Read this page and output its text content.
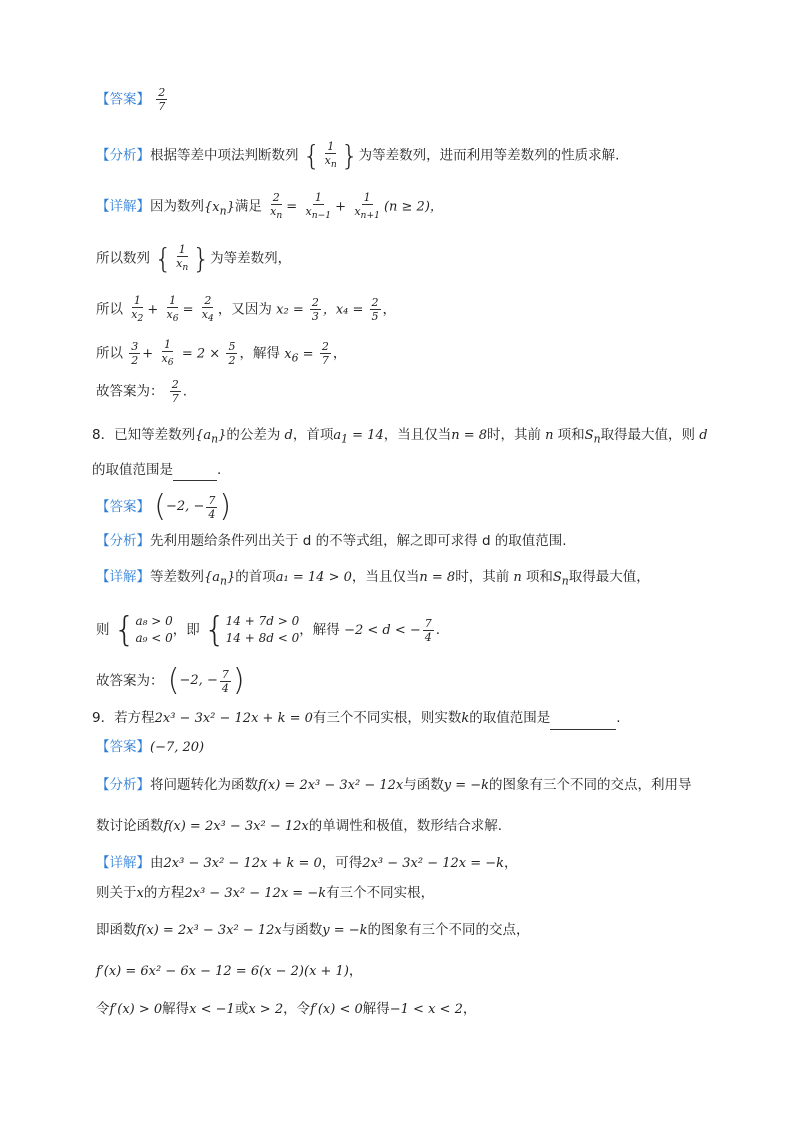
【答案】 $\frac{2}{7}$
【分析】根据等差中项法判断数列 { $\frac{1}{x_n}$ } 为等差数列，进而利用等差数列的性质求解.
【详解】因为数列$\{x_n\}$满足 $\frac{2}{x_n} = \frac{1}{x_{n-1}} + \frac{1}{x_{n+1}} (n \ge 2)$，
所以数列 { $\frac{1}{x_n}$ } 为等差数列，
所以 $\frac{1}{x_2} + \frac{1}{x_6} = \frac{2}{x_4}$ ，又因为 $x_2 = \frac{2}{3}$ ，$x_4 = \frac{2}{5}$ ，
所以 $\frac{3}{2} + \frac{1}{x_6} = 2 \times \frac{5}{2}$ ，解得 $x_6 = \frac{2}{7}$ ，
故答案为： $\frac{2}{7}$ .
8．已知等差数列$\{a_n\}$的公差为 d，首项$a_1 = 14$，当且仅当n = 8时，其前 n 项和$S_n$取得最大值，则 d
的取值范围是	.
【答案】 ( −2, − $\frac{7}{4}$ )
【分析】先利用题给条件列出关于 d 的不等式组，解之即可求得 d 的取值范围.
【详解】等差数列$\{a_n\}$的首项a₁ = 14 > 0，当且仅当n = 8时，其前 n 项和$S_n$取得最大值，
则 { a₈ > 0
a₉ < 0 ，即 { 14 + 7d > 0
14 + 8d < 0 ，解得 −2 < d < − $\frac{7}{4}$ .
故答案为： ( −2, − $\frac{7}{4}$ )
9．若方程2x³ − 3x² − 12x + k = 0有三个不同实根，则实数k的取值范围是	.
【答案】(−7, 20)
【分析】将问题转化为函数f(x) = 2x³ − 3x² − 12x与函数y = −k的图象有三个不同的交点，利用导
数讨论函数f(x) = 2x³ − 3x² − 12x的单调性和极值，数形结合求解.
【详解】由2x³ − 3x² − 12x + k = 0，可得2x³ − 3x² − 12x = −k，
则关于x的方程2x³ − 3x² − 12x = −k有三个不同实根，
即函数f(x) = 2x³ − 3x² − 12x与函数y = −k的图象有三个不同的交点，
f′(x) = 6x² − 6x − 12 = 6(x − 2)(x + 1)，
令f′(x) > 0解得x < −1或x > 2，令f′(x) < 0解得−1 < x < 2，
